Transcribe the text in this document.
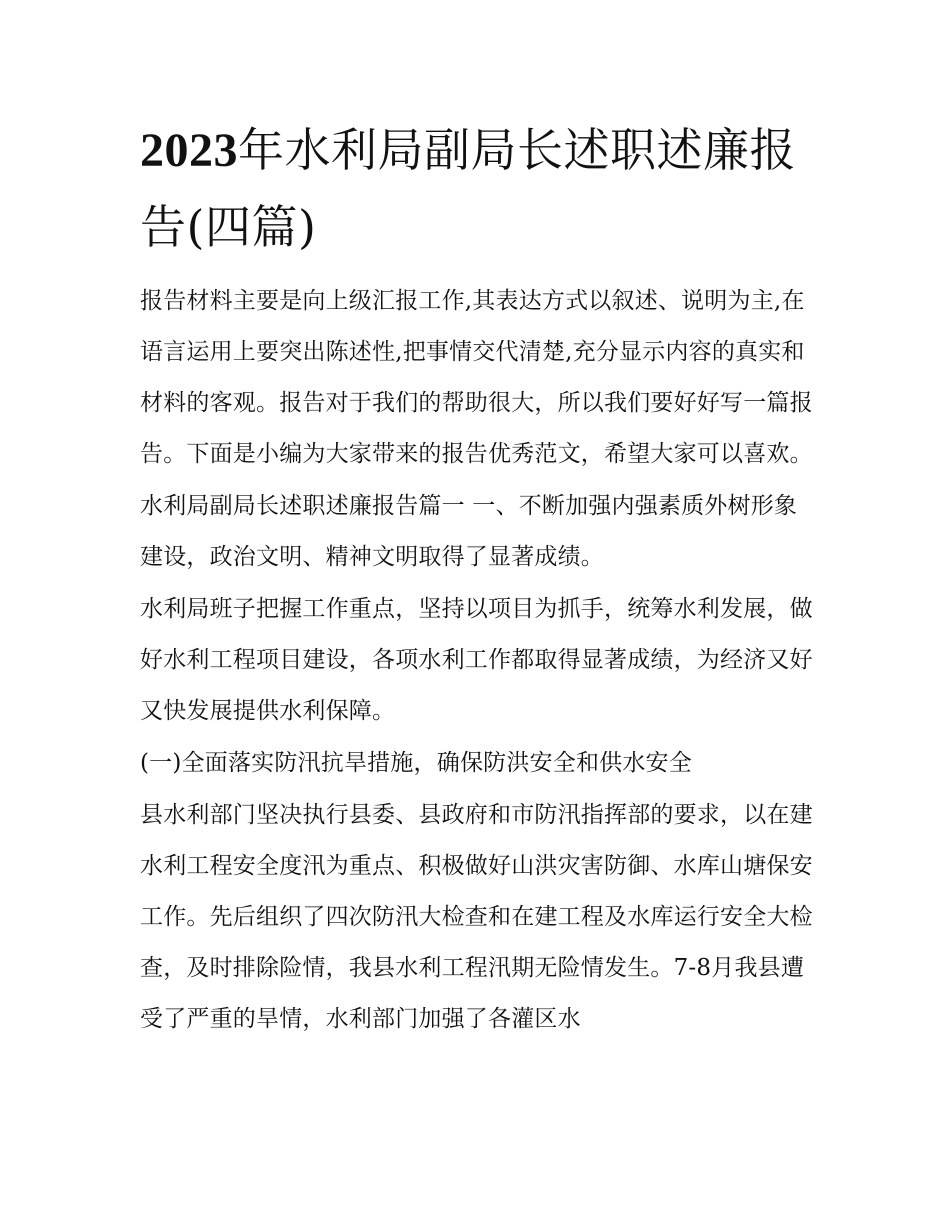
2023年水利局副局长述职述廉报告(四篇)

报告材料主要是向上级汇报工作,其表达方式以叙述、说明为主,在语言运用上要突出陈述性,把事情交代清楚,充分显示内容的真实和材料的客观。报告对于我们的帮助很大，所以我们要好好写一篇报告。下面是小编为大家带来的报告优秀范文，希望大家可以喜欢。

水利局副局长述职述廉报告篇一 一、不断加强内强素质外树形象建设，政治文明、精神文明取得了显著成绩。

水利局班子把握工作重点，坚持以项目为抓手，统筹水利发展，做好水利工程项目建设，各项水利工作都取得显著成绩，为经济又好又快发展提供水利保障。

(一)全面落实防汛抗旱措施，确保防洪安全和供水安全

县水利部门坚决执行县委、县政府和市防汛指挥部的要求，以在建水利工程安全度汛为重点、积极做好山洪灾害防御、水库山塘保安工作。先后组织了四次防汛大检查和在建工程及水库运行安全大检查，及时排除险情，我县水利工程汛期无险情发生。7-8月我县遭受了严重的旱情，水利部门加强了各灌区水
